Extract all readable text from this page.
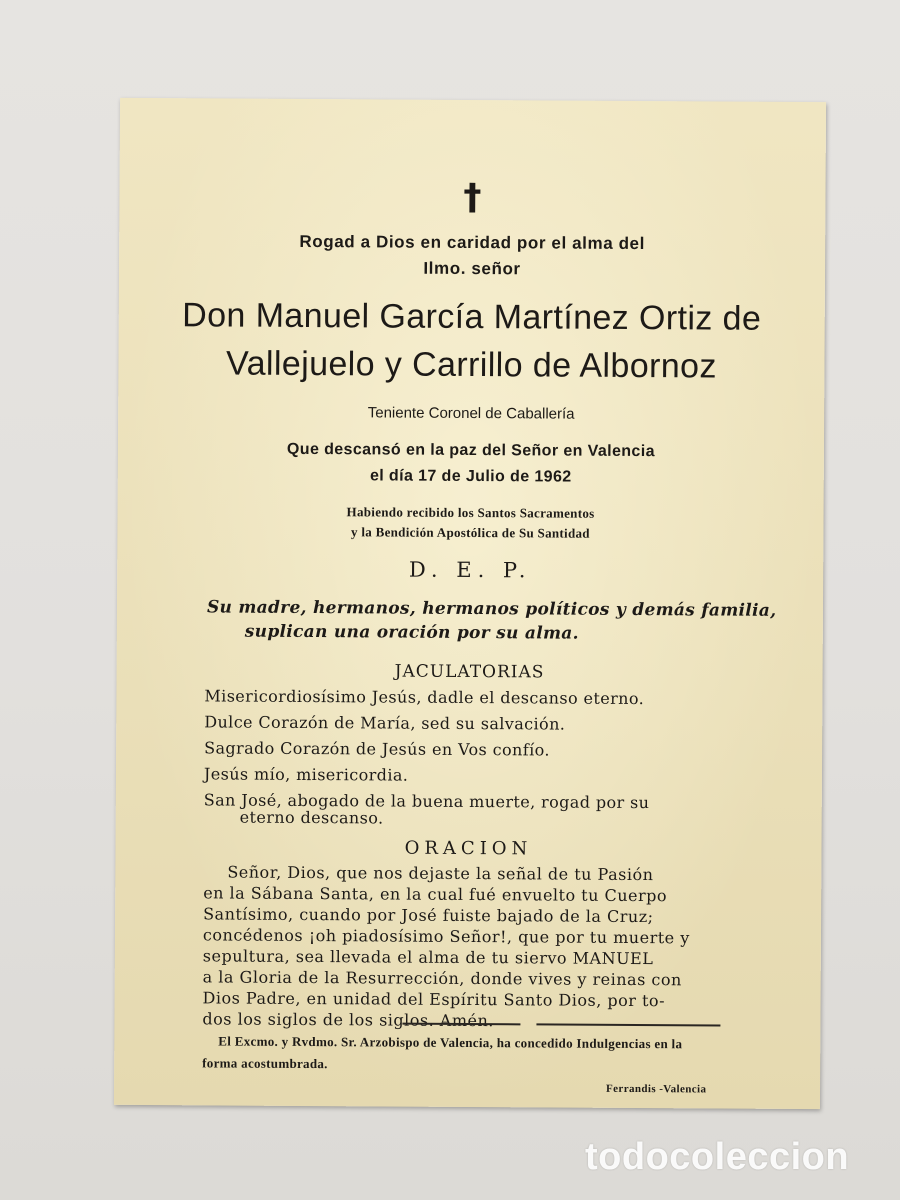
†
Rogad a Dios en caridad por el alma del
Ilmo. señor
Don Manuel García Martínez Ortiz de
Vallejuelo y Carrillo de Albornoz
Teniente Coronel de Caballería
Que descansó en la paz del Señor en Valencia
el día 17 de Julio de 1962
Habiendo recibido los Santos Sacramentos
y la Bendición Apostólica de Su Santidad
D. E. P.
Su madre, hermanos, hermanos políticos y demás familia,
suplican una oración por su alma.
JACULATORIAS
Misericordiosísimo Jesús, dadle el descanso eterno.
Dulce Corazón de María, sed su salvación.
Sagrado Corazón de Jesús en Vos confío.
Jesús mío, misericordia.
San José, abogado de la buena muerte, rogad por su
eterno descanso.
ORACION
Señor, Dios, que nos dejaste la señal de tu Pasión
en la Sábana Santa, en la cual fué envuelto tu Cuerpo
Santísimo, cuando por José fuiste bajado de la Cruz;
concédenos ¡oh piadosísimo Señor!, que por tu muerte y
sepultura, sea llevada el alma de tu siervo MANUEL
a la Gloria de la Resurrección, donde vives y reinas con
Dios Padre, en unidad del Espíritu Santo Dios, por to-
dos los siglos de los siglos. Amén.
El Excmo. y Rvdmo. Sr. Arzobispo de Valencia, ha concedido Indulgencias en la
forma acostumbrada.
Ferrandis -Valencia
todocoleccion
